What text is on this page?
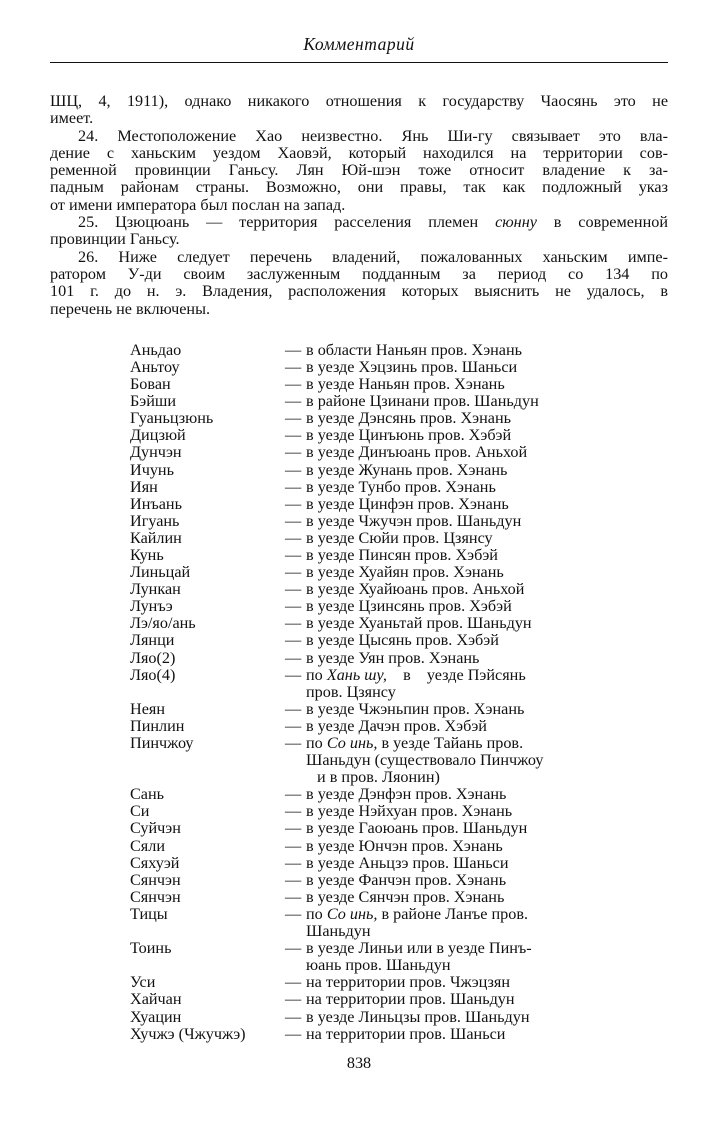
Комментарий

ШЦ, 4, 1911), однако никакого отношения к государству Чаосянь это не
имеет.

24. Местоположение Хао неизвестно. Янь Ши-гу связывает это вла-
дение с ханьским уездом Хаовэй, который находился на территории сов-
ременной провинции Ганьсу. Лян Юй-шэн тоже относит владение к за-
падным районам страны. Возможно, они правы, так как подложный указ
от имени императора был послан на запад.

25. Цзюцюань — территория расселения племен сюнну в современной
провинции Ганьсу.

26. Ниже следует перечень владений, пожалованных ханьским импе-
ратором У-ди своим заслуженным подданным за период со 134 по
101 г. до н. э. Владения, расположения которых выяснить не удалось, в
перечень не включены.

Аньдао	— в области Наньян пров. Хэнань
Аньтоу	— в уезде Хэцзинь пров. Шаньси
Бован	— в уезде Наньян пров. Хэнань
Бэйши	— в районе Цзинани пров. Шаньдун
Гуаньцзюнь	— в уезде Дэнсянь пров. Хэнань
Дицзюй	— в уезде Цинъюнь пров. Хэбэй
Дунчэн	— в уезде Динъюань пров. Аньхой
Ичунь	— в уезде Жунань пров. Хэнань
Иян	— в уезде Тунбо пров. Хэнань
Инъань	— в уезде Цинфэн пров. Хэнань
Игуань	— в уезде Чжучэн пров. Шаньдун
Кайлин	— в уезде Сюйи пров. Цзянсу
Кунь	— в уезде Пинсян пров. Хэбэй
Линьцай	— в уезде Хуайян пров. Хэнань
Лункан	— в уезде Хуайюань пров. Аньхой
Лунъэ	— в уезде Цзинсянь пров. Хэбэй
Лэ/яо/ань	— в уезде Хуаньтай пров. Шаньдун
Лянци	— в уезде Цысянь пров. Хэбэй
Ляо(2)	— в уезде Уян пров. Хэнань
Ляо(4)	— по Хань шу,    в    уезде Пэйсянь
пров. Цзянсу
Неян	— в уезде Чжэньпин пров. Хэнань
Пинлин	— в уезде Дачэн пров. Хэбэй
Пинчжоу	— по Со инь, в уезде Тайань пров.
Шаньдун (существовало Пинчжоу
и в пров. Ляонин)
Сань	— в уезде Дэнфэн пров. Хэнань
Си	— в уезде Нэйхуан пров. Хэнань
Суйчэн	— в уезде Гаоюань пров. Шаньдун
Сяли	— в уезде Юнчэн пров. Хэнань
Сяхуэй	— в уезде Аньцзэ пров. Шаньси
Сянчэн	— в уезде Фанчэн пров. Хэнань
Сянчэн	— в уезде Сянчэн пров. Хэнань
Тицы	— по Со инь, в районе Ланъе пров.
Шаньдун
Тоинь	— в уезде Линьи или в уезде Пинъ-
юань пров. Шаньдун
Уси	— на территории пров. Чжэцзян
Хайчан	— на территории пров. Шаньдун
Хуацин	— в уезде Линьцзы пров. Шаньдун
Хучжэ (Чжучжэ)	— на территории пров. Шаньси
838
